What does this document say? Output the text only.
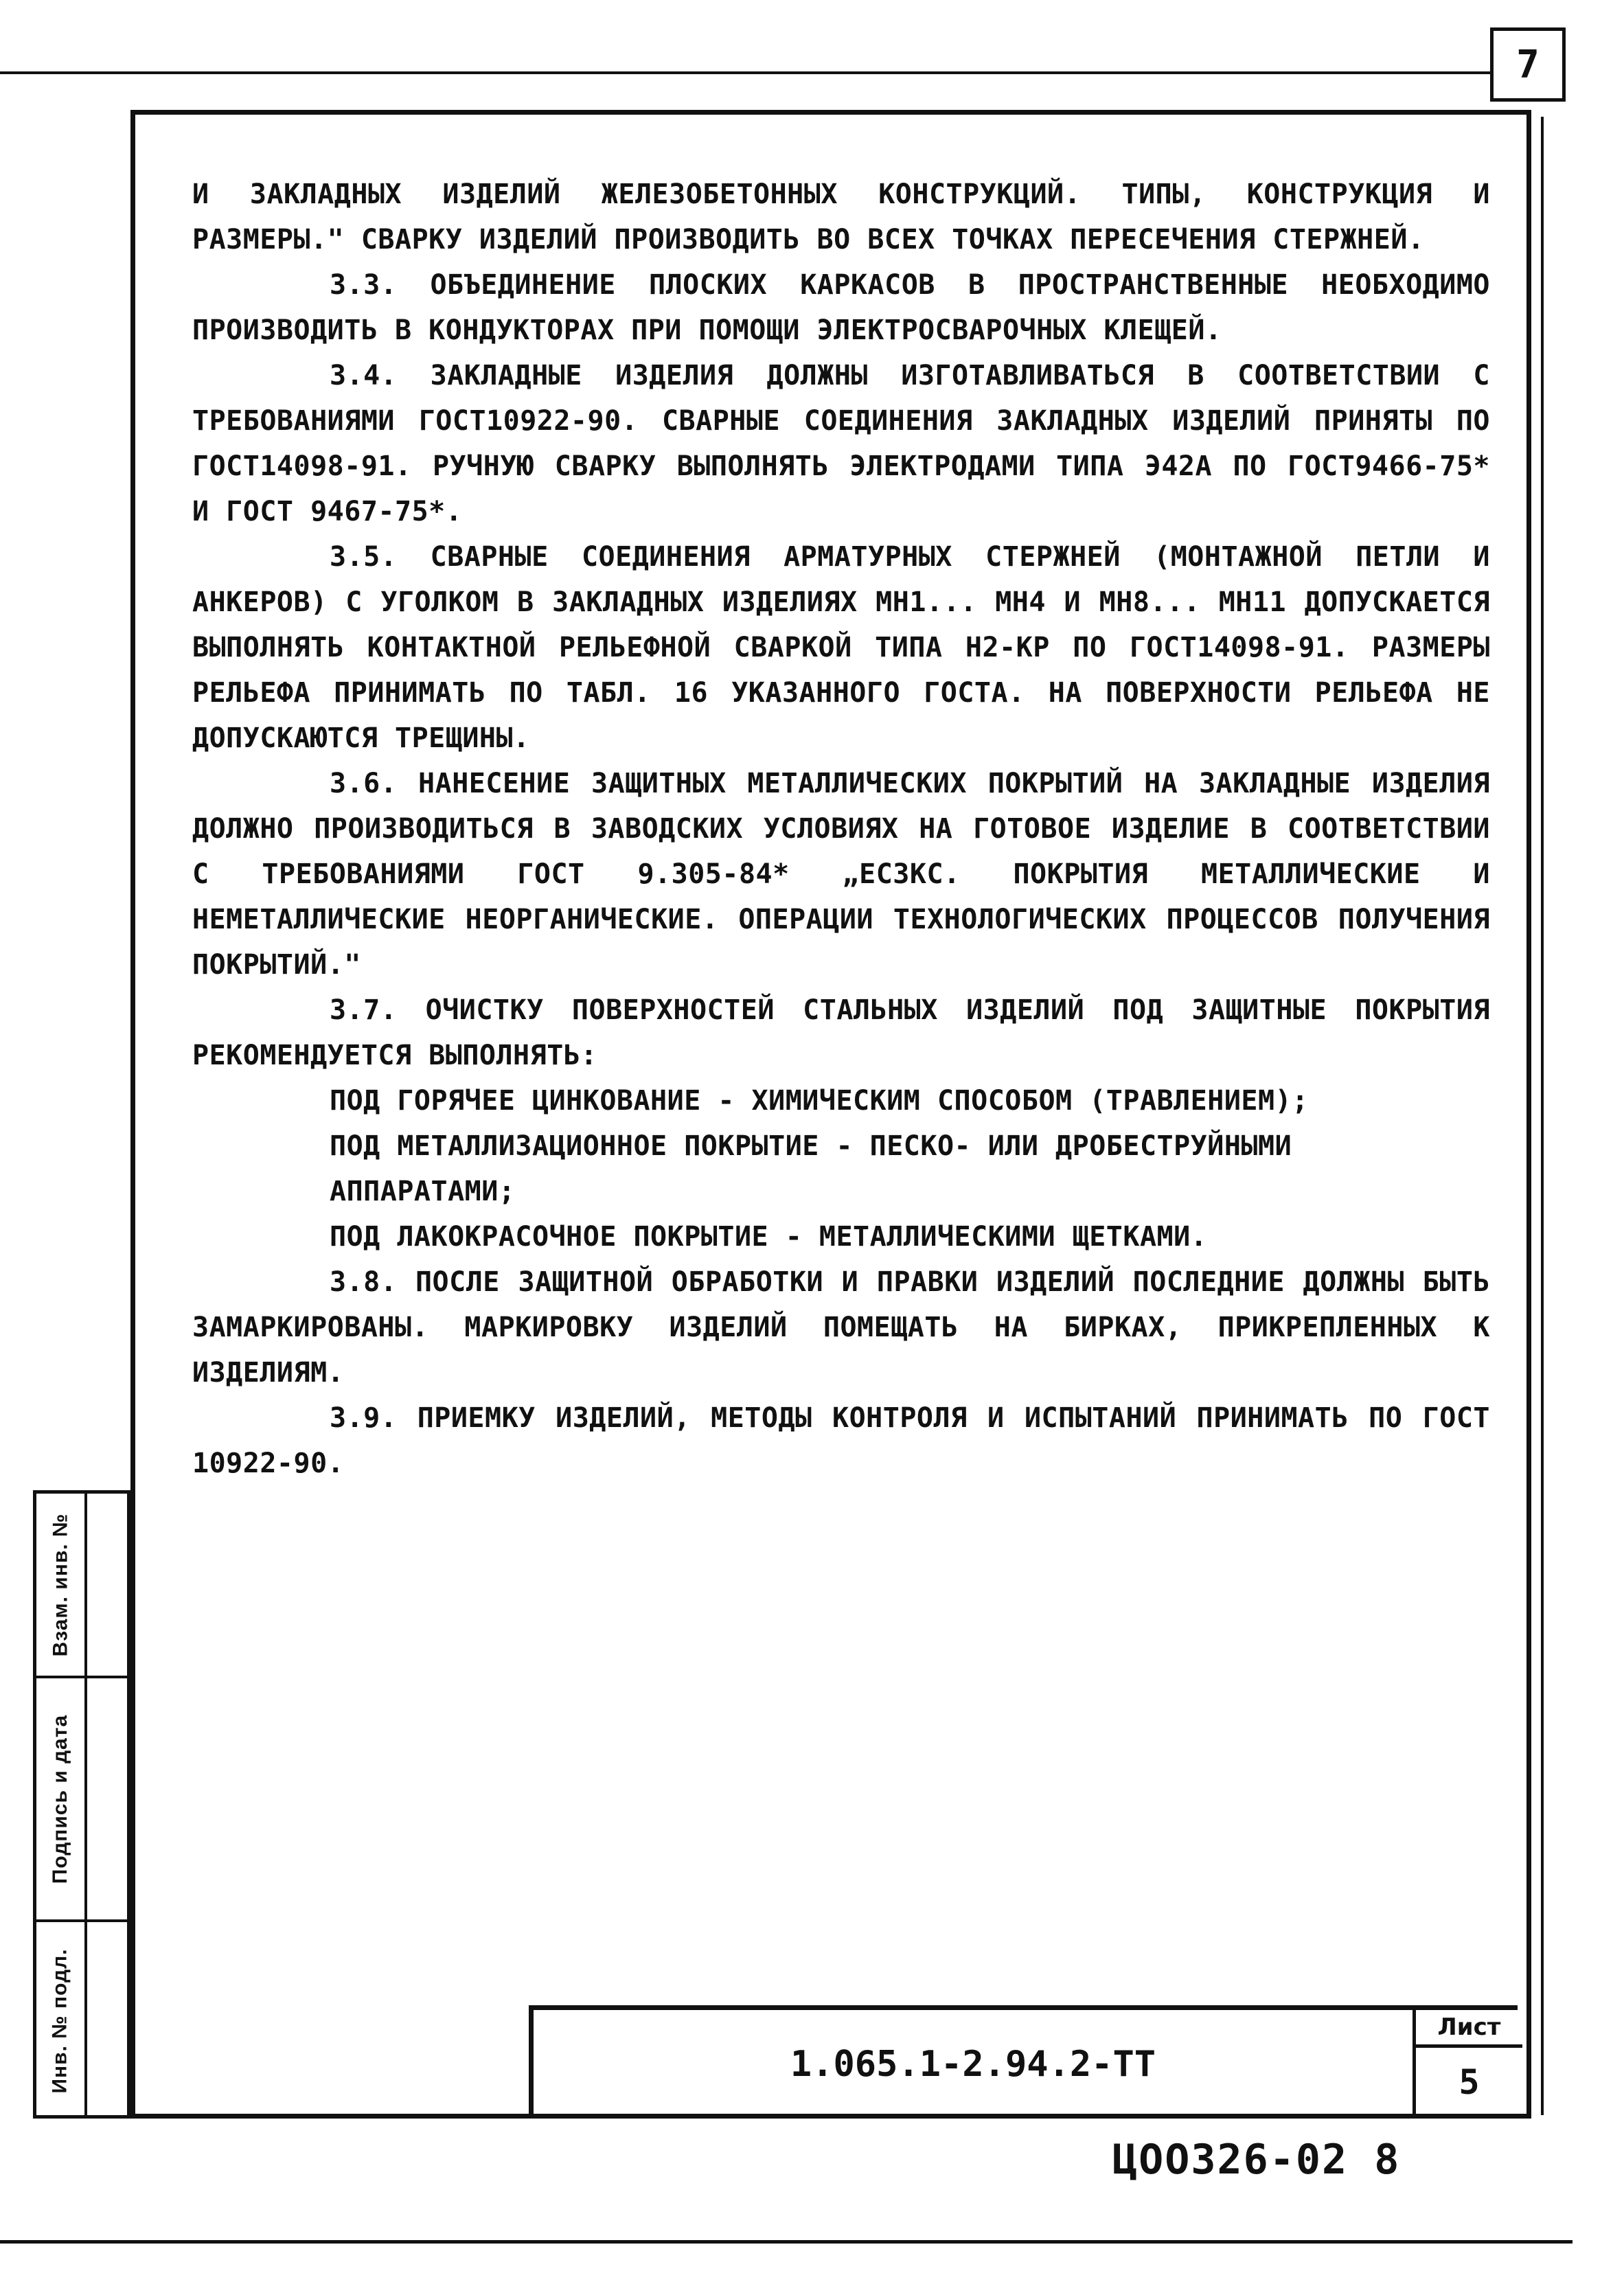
7
Взам. инв. №
Подпись и дата
Инв. № подл.

И ЗАКЛАДНЫХ ИЗДЕЛИЙ ЖЕЛЕЗОБЕТОННЫХ КОНСТРУКЦИЙ. ТИПЫ, КОНСТРУКЦИЯ И РАЗМЕРЫ." СВАРКУ ИЗДЕЛИЙ ПРОИЗВОДИТЬ ВО ВСЕХ ТОЧКАХ ПЕРЕСЕЧЕНИЯ СТЕРЖНЕЙ.

3.3. ОБЪЕДИНЕНИЕ ПЛОСКИХ КАРКАСОВ В ПРОСТРАНСТВЕННЫЕ НЕОБХОДИМО ПРОИЗВОДИТЬ В КОНДУКТОРАХ ПРИ ПОМОЩИ ЭЛЕКТРОСВАРОЧНЫХ КЛЕЩЕЙ.

3.4. ЗАКЛАДНЫЕ ИЗДЕЛИЯ ДОЛЖНЫ ИЗГОТАВЛИВАТЬСЯ В СООТВЕТСТВИИ С ТРЕБОВАНИЯМИ ГОСТ10922-90. СВАРНЫЕ СОЕДИНЕНИЯ ЗАКЛАДНЫХ ИЗДЕЛИЙ ПРИНЯТЫ ПО ГОСТ14098-91. РУЧНУЮ СВАРКУ ВЫПОЛНЯТЬ ЭЛЕКТРОДАМИ ТИПА Э42А ПО ГОСТ9466-75* И ГОСТ 9467-75*.

3.5. СВАРНЫЕ СОЕДИНЕНИЯ АРМАТУРНЫХ СТЕРЖНЕЙ (МОНТАЖНОЙ ПЕТЛИ И АНКЕРОВ) С УГОЛКОМ В ЗАКЛАДНЫХ ИЗДЕЛИЯХ МН1... МН4 И МН8... МН11 ДОПУСКАЕТСЯ ВЫПОЛНЯТЬ КОНТАКТНОЙ РЕЛЬЕФНОЙ СВАРКОЙ ТИПА Н2-КР ПО ГОСТ14098-91. РАЗМЕРЫ РЕЛЬЕФА ПРИНИМАТЬ ПО ТАБЛ. 16 УКАЗАННОГО ГОСТА. НА ПОВЕРХНОСТИ РЕЛЬЕФА НЕ ДОПУСКАЮТСЯ ТРЕЩИНЫ.

3.6. НАНЕСЕНИЕ ЗАЩИТНЫХ МЕТАЛЛИЧЕСКИХ ПОКРЫТИЙ НА ЗАКЛАДНЫЕ ИЗДЕЛИЯ ДОЛЖНО ПРОИЗВОДИТЬСЯ В ЗАВОДСКИХ УСЛОВИЯХ НА ГОТОВОЕ ИЗДЕЛИЕ В СООТВЕТСТВИИ С ТРЕБОВАНИЯМИ ГОСТ 9.305-84* „ЕСЗКС. ПОКРЫТИЯ МЕТАЛЛИЧЕСКИЕ И НЕМЕТАЛЛИЧЕСКИЕ НЕОРГАНИЧЕСКИЕ. ОПЕРАЦИИ ТЕХНОЛОГИЧЕСКИХ ПРОЦЕССОВ ПОЛУЧЕНИЯ ПОКРЫТИЙ."

3.7. ОЧИСТКУ ПОВЕРХНОСТЕЙ СТАЛЬНЫХ ИЗДЕЛИЙ ПОД ЗАЩИТНЫЕ ПОКРЫТИЯ РЕКОМЕНДУЕТСЯ ВЫПОЛНЯТЬ:

ПОД ГОРЯЧЕЕ ЦИНКОВАНИЕ - ХИМИЧЕСКИМ СПОСОБОМ (ТРАВЛЕНИЕМ);

ПОД МЕТАЛЛИЗАЦИОННОЕ ПОКРЫТИЕ - ПЕСКО- ИЛИ ДРОБЕСТРУЙНЫМИ АППАРАТАМИ;

ПОД ЛАКОКРАСОЧНОЕ ПОКРЫТИЕ - МЕТАЛЛИЧЕСКИМИ ЩЕТКАМИ.

3.8. ПОСЛЕ ЗАЩИТНОЙ ОБРАБОТКИ И ПРАВКИ ИЗДЕЛИЙ ПОСЛЕДНИЕ ДОЛЖНЫ БЫТЬ ЗАМАРКИРОВАНЫ. МАРКИРОВКУ ИЗДЕЛИЙ ПОМЕЩАТЬ НА БИРКАХ, ПРИКРЕПЛЕННЫХ К ИЗДЕЛИЯМ.

3.9. ПРИЕМКУ ИЗДЕЛИЙ, МЕТОДЫ КОНТРОЛЯ И ИСПЫТАНИЙ ПРИНИМАТЬ ПО ГОСТ 10922-90.

1.065.1-2.94.2-ТТ
Лист
5
ЦОО326-02 8
